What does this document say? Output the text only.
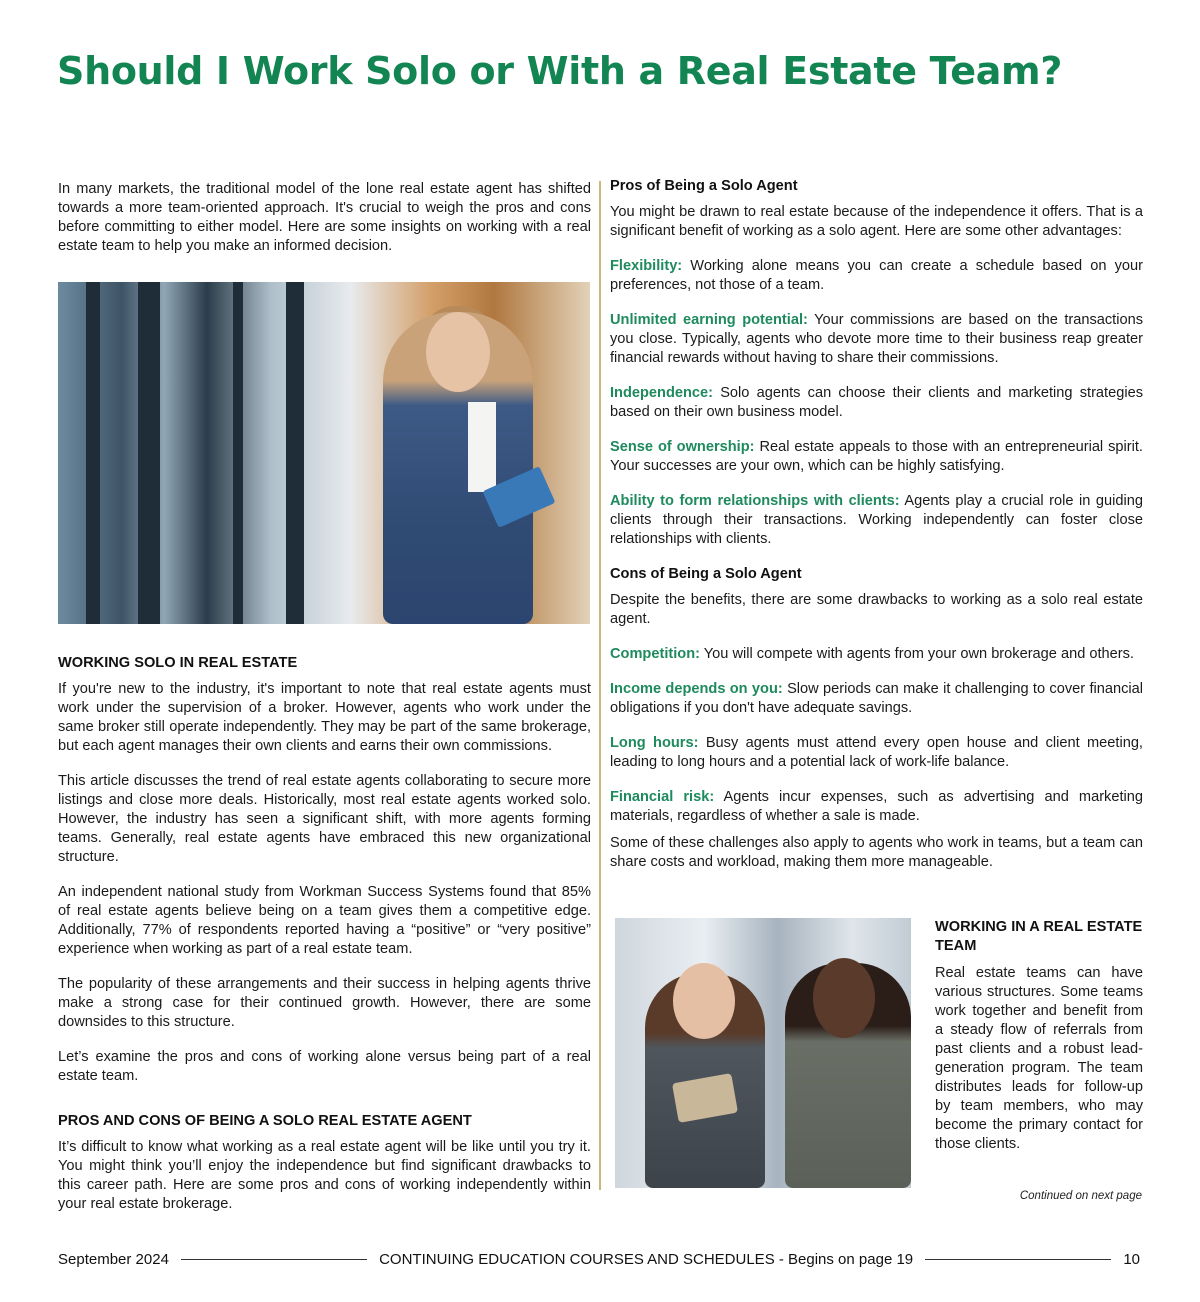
Should I Work Solo or With a Real Estate Team?

In many markets, the traditional model of the lone real estate agent has shifted towards a more team-oriented approach. It's crucial to weigh the pros and cons before committing to either model. Here are some insights on working with a real estate team to help you make an informed decision.

WORKING SOLO IN REAL ESTATE

If you're new to the industry, it's important to note that real estate agents must work under the supervision of a broker. However, agents who work under the same broker still operate independently. They may be part of the same brokerage, but each agent manages their own clients and earns their own commissions.

This article discusses the trend of real estate agents collaborating to secure more listings and close more deals. Historically, most real estate agents worked solo. However, the industry has seen a significant shift, with more agents forming teams. Generally, real estate agents have embraced this new organizational structure.

An independent national study from Workman Success Systems found that 85% of real estate agents believe being on a team gives them a competitive edge. Additionally, 77% of respondents reported having a “positive” or “very positive” experience when working as part of a real estate team.

The popularity of these arrangements and their success in helping agents thrive make a strong case for their continued growth. However, there are some downsides to this structure.

Let’s examine the pros and cons of working alone versus being part of a real estate team.

PROS AND CONS OF BEING A SOLO REAL ESTATE AGENT

It’s difficult to know what working as a real estate agent will be like until you try it. You might think you’ll enjoy the independence but find significant drawbacks to this career path. Here are some pros and cons of working independently within your real estate brokerage.

Pros of Being a Solo Agent

You might be drawn to real estate because of the independence it offers. That is a significant benefit of working as a solo agent. Here are some other advantages:

Flexibility: Working alone means you can create a schedule based on your preferences, not those of a team.

Unlimited earning potential: Your commissions are based on the transactions you close. Typically, agents who devote more time to their business reap greater financial rewards without having to share their commissions.

Independence: Solo agents can choose their clients and marketing strategies based on their own business model.

Sense of ownership: Real estate appeals to those with an entrepreneurial spirit. Your successes are your own, which can be highly satisfying.

Ability to form relationships with clients: Agents play a crucial role in guiding clients through their transactions. Working independently can foster close relationships with clients.

Cons of Being a Solo Agent

Despite the benefits, there are some drawbacks to working as a solo real estate agent.

Competition: You will compete with agents from your own brokerage and others.

Income depends on you: Slow periods can make it challenging to cover financial obligations if you don't have adequate savings.

Long hours: Busy agents must attend every open house and client meeting, leading to long hours and a potential lack of work-life balance.

Financial risk: Agents incur expenses, such as advertising and marketing materials, regardless of whether a sale is made.

Some of these challenges also apply to agents who work in teams, but a team can share costs and workload, making them more manageable.

WORKING IN A REAL ESTATE TEAM

Real estate teams can have various structures. Some teams work together and benefit from a steady flow of referrals from past clients and a robust lead-generation program. The team distributes leads for follow-up by team members, who may become the primary contact for those clients.

Continued on next page
September 2024	CONTINUING EDUCATION COURSES AND SCHEDULES - Begins on page 19	10
